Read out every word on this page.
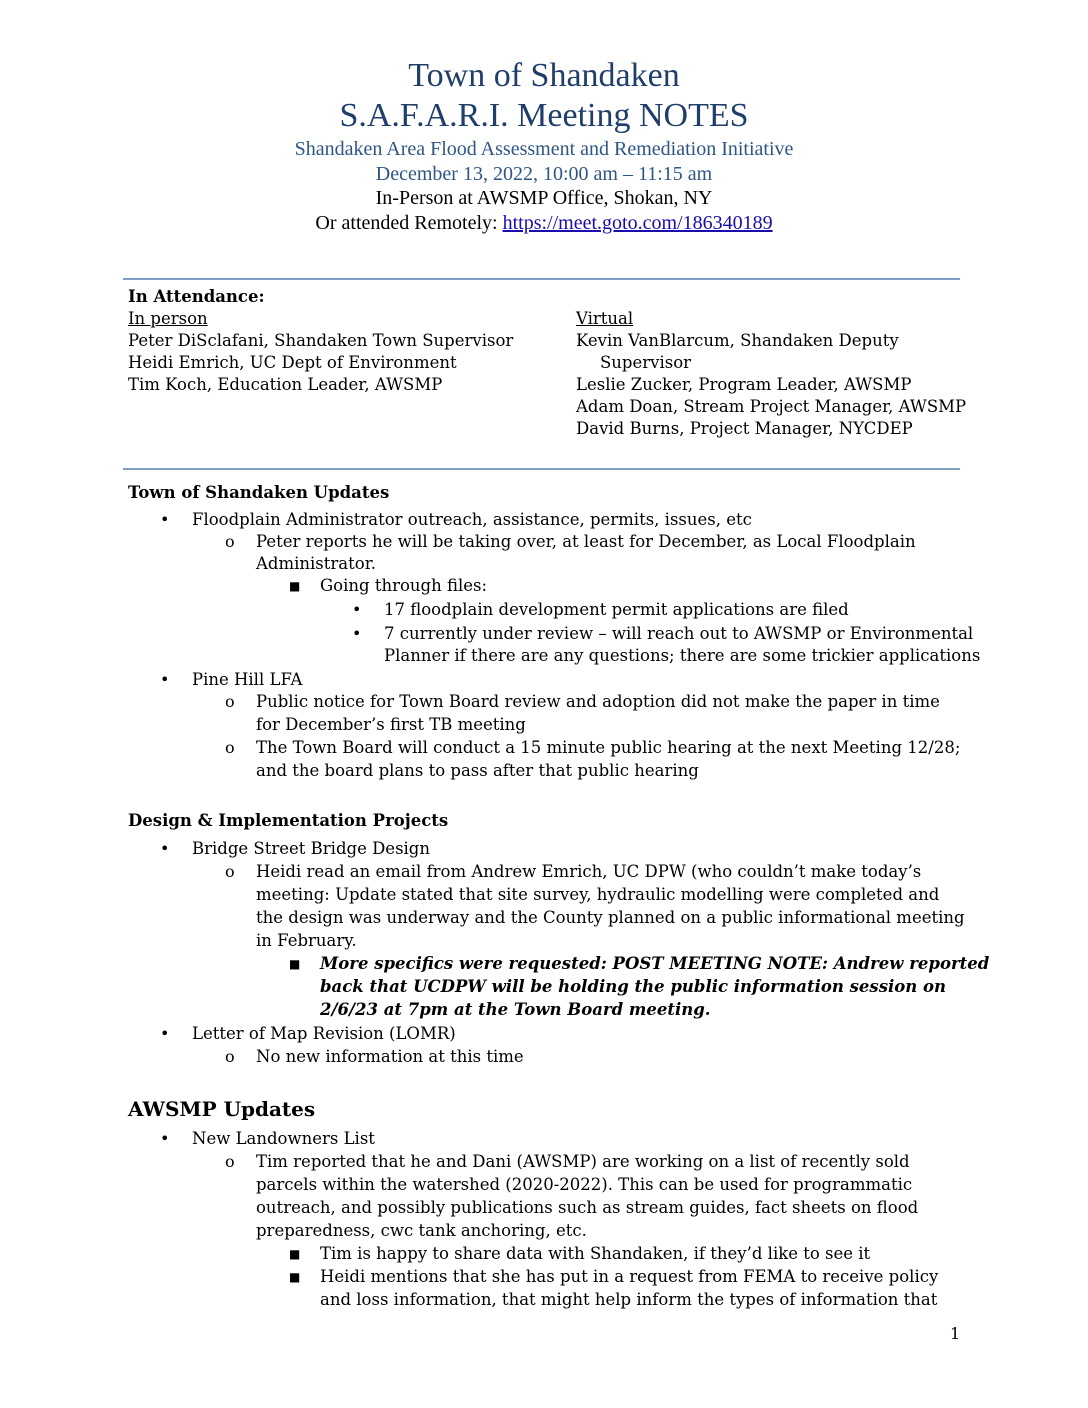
Town of Shandaken
S.A.F.A.R.I. Meeting NOTES
Shandaken Area Flood Assessment and Remediation Initiative
December 13, 2022, 10:00 am – 11:15 am
In-Person at AWSMP Office, Shokan, NY
Or attended Remotely: https://meet.goto.com/186340189
In Attendance:
In person
Peter DiSclafani, Shandaken Town Supervisor
Heidi Emrich, UC Dept of Environment
Tim Koch, Education Leader, AWSMP
Virtual
Kevin VanBlarcum, Shandaken Deputy
Supervisor
Leslie Zucker, Program Leader, AWSMP
Adam Doan, Stream Project Manager, AWSMP
David Burns, Project Manager, NYCDEP
Town of Shandaken Updates
• Floodplain Administrator outreach, assistance, permits, issues, etc
o Peter reports he will be taking over, at least for December, as Local Floodplain
Administrator.
■ Going through files:
• 17 floodplain development permit applications are filed
• 7 currently under review – will reach out to AWSMP or Environmental
Planner if there are any questions; there are some trickier applications
• Pine Hill LFA
o Public notice for Town Board review and adoption did not make the paper in time
for December’s first TB meeting
o The Town Board will conduct a 15 minute public hearing at the next Meeting 12/28;
and the board plans to pass after that public hearing
Design & Implementation Projects
• Bridge Street Bridge Design
o Heidi read an email from Andrew Emrich, UC DPW (who couldn’t make today’s
meeting: Update stated that site survey, hydraulic modelling were completed and
the design was underway and the County planned on a public informational meeting
in February.
■ More specifics were requested: POST MEETING NOTE: Andrew reported
back that UCDPW will be holding the public information session on
2/6/23 at 7pm at the Town Board meeting.
• Letter of Map Revision (LOMR)
o No new information at this time
AWSMP Updates
• New Landowners List
o Tim reported that he and Dani (AWSMP) are working on a list of recently sold
parcels within the watershed (2020-2022). This can be used for programmatic
outreach, and possibly publications such as stream guides, fact sheets on flood
preparedness, cwc tank anchoring, etc.
■ Tim is happy to share data with Shandaken, if they’d like to see it
■ Heidi mentions that she has put in a request from FEMA to receive policy
and loss information, that might help inform the types of information that
1
